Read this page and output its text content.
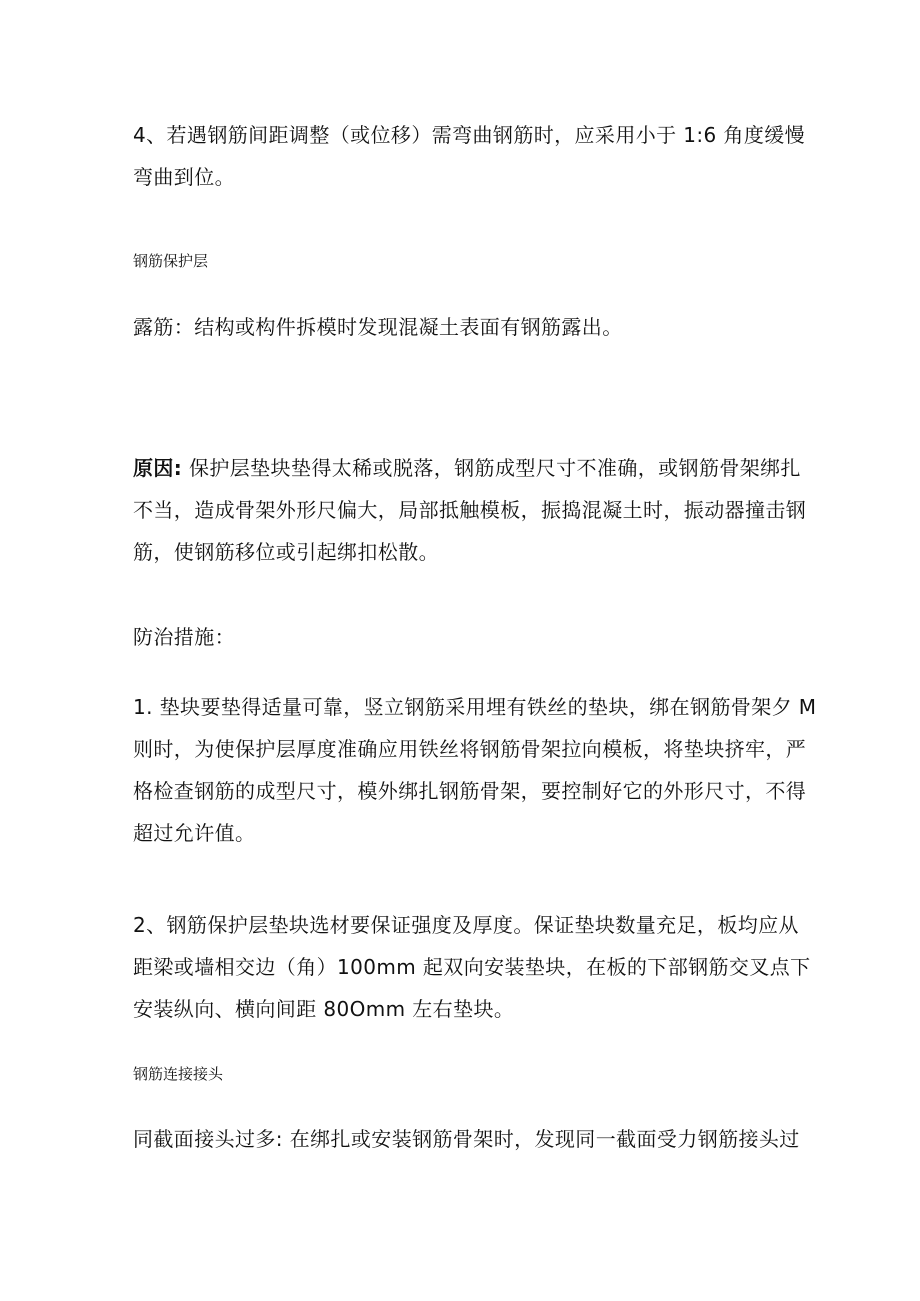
4、若遇钢筋间距调整（或位移）需弯曲钢筋时，应采用小于 1:6 角度缓慢
弯曲到位。
钢筋保护层
露筋：结构或构件拆模时发现混凝土表面有钢筋露出。
原因: 保护层垫块垫得太稀或脱落，钢筋成型尺寸不准确，或钢筋骨架绑扎
不当，造成骨架外形尺偏大，局部抵触模板，振捣混凝土时，振动器撞击钢
筋，使钢筋移位或引起绑扣松散。
防治措施：
1. 垫块要垫得适量可靠，竖立钢筋采用埋有铁丝的垫块，绑在钢筋骨架夕 M
则时，为使保护层厚度准确应用铁丝将钢筋骨架拉向模板，将垫块挤牢，严
格检查钢筋的成型尺寸，模外绑扎钢筋骨架，要控制好它的外形尺寸，不得
超过允许值。
2、钢筋保护层垫块选材要保证强度及厚度。保证垫块数量充足，板均应从
距梁或墙相交边（角）100mm 起双向安装垫块，在板的下部钢筋交叉点下
安装纵向、横向间距 80Omm 左右垫块。
钢筋连接接头
同截面接头过多: 在绑扎或安装钢筋骨架时，发现同一截面受力钢筋接头过
